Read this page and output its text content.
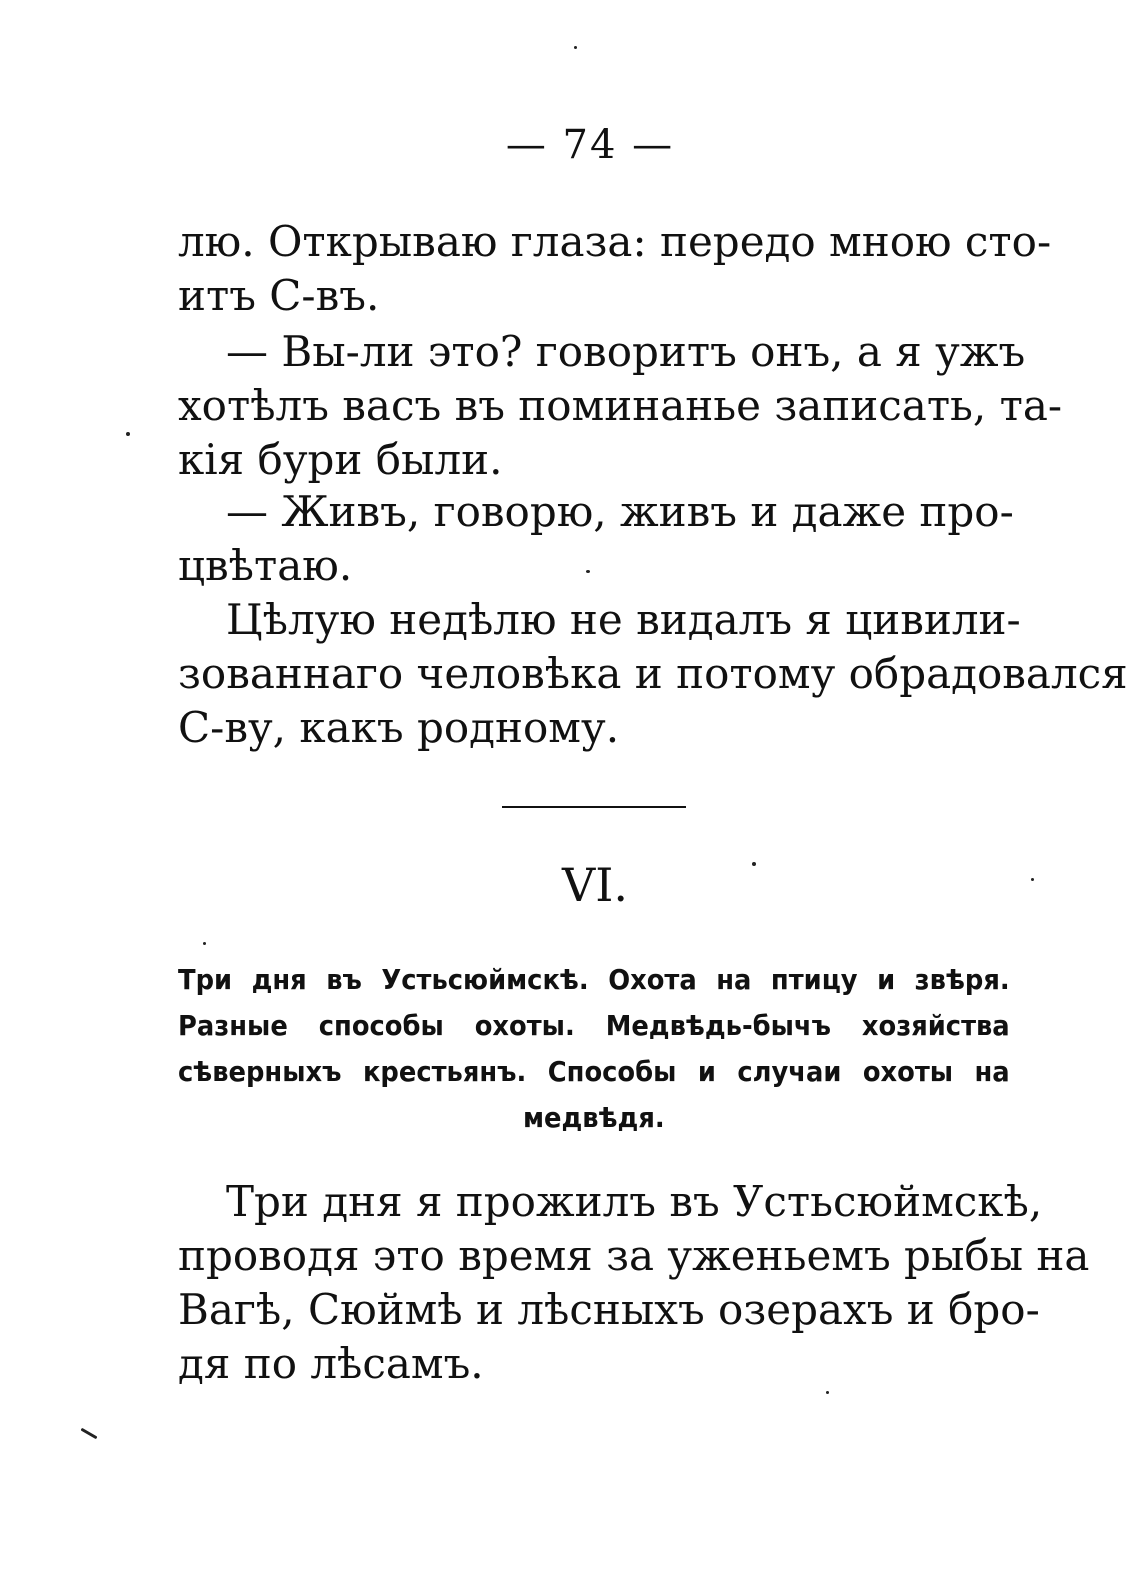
— 74 —
лю. Открываю глаза: передо мною сто-
итъ С-въ.
— Вы-ли это? говоритъ онъ, а я ужъ
хотѣлъ васъ въ поминанье записать, та-
кія бури были.
— Живъ, говорю, живъ и даже про-
цвѣтаю.
Цѣлую недѣлю не видалъ я цивили-
зованнаго человѣка и потому обрадовался
С-ву, какъ родному.
VI.
Три дня въ Устьсюймскѣ. Охота на птицу и звѣря.
Разные способы охоты. Медвѣдь-бычъ хозяйства
сѣверныхъ крестьянъ. Способы и случаи охоты на
медвѣдя.
Три дня я прожилъ въ Устьсюймскѣ,
проводя это время за уженьемъ рыбы на
Вагѣ, Сюймѣ и лѣсныхъ озерахъ и бро-
дя по лѣсамъ.
